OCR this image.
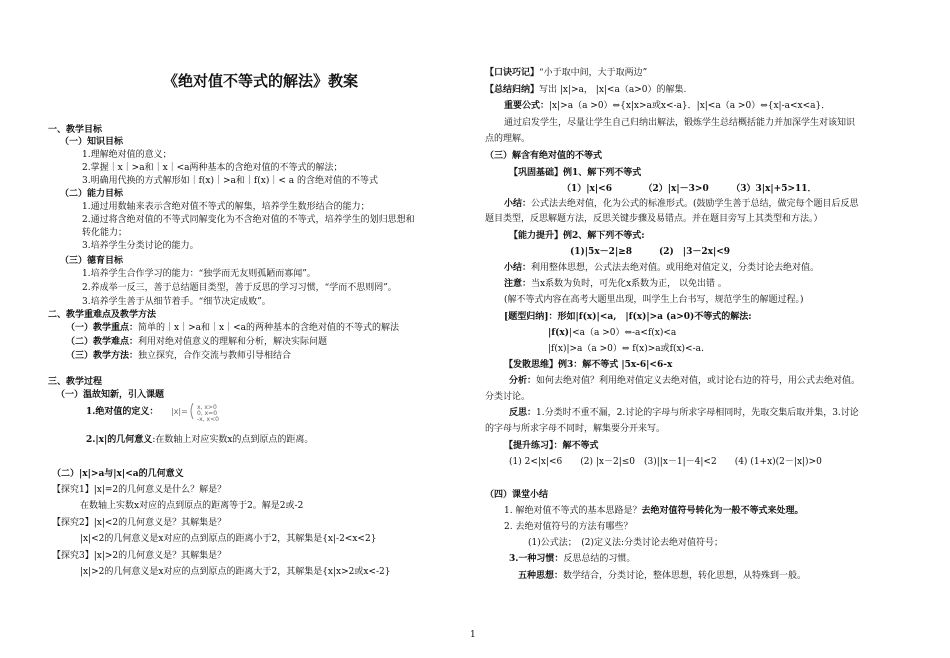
《绝对值不等式的解法》教案
一、教学目标
（一）知识目标
1.理解绝对值的意义；
2.掌握｜x｜>a和｜x｜<a两种基本的含绝对值的不等式的解法；
3.明确用代换的方式解形如｜f(x)｜>a和｜f(x)｜< a 的含绝对值的不等式
（二）能力目标
1.通过用数轴来表示含绝对值不等式的解集，培养学生数形结合的能力；
2.通过将含绝对值的不等式同解变化为不含绝对值的不等式，培养学生的划归思想和
转化能力；
3.培养学生分类讨论的能力。
（三）德育目标
1.培养学生合作学习的能力：“独学而无友则孤陋而寡闻”。
2.养成举一反三，善于总结题目类型，善于反思的学习习惯，“学而不思则罔”。
3.培养学生善于从细节着手。“细节决定成败”。
二、教学重难点及教学方法
（一）教学重点：简单的｜x｜>a和｜x｜<a的两种基本的含绝对值的不等式的解法
（二）教学难点：利用对绝对值意义的理解和分析，解决实际问题
（三）教学方法：独立探究，合作交流与教师引导相结合
三、教学过程
（一）温故知新，引入课题
1.绝对值的定义：
2.|x|的几何意义:在数轴上对应实数x的点到原点的距离。
（二）|x|>a与|x|<a的几何意义
【探究1】|x|=2的几何意义是什么？解是？
在数轴上实数x对应的点到原点的距离等于2。解是2或-2
【探究2】|x|<2的几何意义是？其解集是？
|x|<2的几何意义是x对应的点到原点的距离小于2，其解集是{x|-2<x<2}
【探究3】|x|>2的几何意义是？其解集是？
|x|>2的几何意义是x对应的点到原点的距离大于2，其解集是{x|x>2或x<-2}
【口诀巧记】“小于取中间，大于取两边”
【总结归纳】写出 |x|>a， |x|<a（a>0）的解集.
重要公式：|x|>a（a >0）⇔{x|x>a或x<-a}．|x|<a（a >0）⇔{x|-a<x<a}．
通过启发学生，尽量让学生自己归纳出解法，锻炼学生总结概括能力并加深学生对该知识
点的理解。
（三）解含有绝对值的不等式
【巩固基础】例1、解下列不等式
（1）|x|<6　　　　（2）|x|－3>0　　　（3）3|x|+5>11．
小结：公式法去绝对值，化为公式的标准形式。(鼓励学生善于总结，做完每个题目后反思
题目类型，反思解题方法，反思关键步骤及易错点。并在题目旁写上其类型和方法。）
【能力提升】例2、解下列不等式:
(1)|5x－2|≥8　　　(2)　|3－2x|<9
小结：利用整体思想，公式法去绝对值。或用绝对值定义，分类讨论去绝对值。
注意：当x系数为负时，可先化x系数为正， 以免出错 。
(解不等式内容在高考大题里出现，叫学生上台书写，规范学生的解题过程。)
[题型归纳]：形如|f(x)|<a,　|f(x)|>a (a>0)不等式的解法:
|f(x)|<a（a >0）⇔-a<f(x)<a
|f(x)|>a（a >0）⇔ f(x)>a或f(x)<-a.
【发散思维】例3：解不等式 |5x-6|<6-x
分析：如何去绝对值？利用绝对值定义去绝对值，或讨论右边的符号，用公式去绝对值。
分类讨论。
反思：1.分类时不重不漏，2.讨论的字母与所求字母相同时，先取交集后取并集，3.讨论
的字母与所求字母不同时，解集要分开来写。
【提升练习】：解不等式
(1) 2<|x|<6　　(2) |x－2|≤0　(3)||x－1|－4|<2　　(4) (1+x)(2－|x|)>0
（四）课堂小结
1. 解绝对值不等式的基本思路是？去绝对值符号转化为一般不等式来处理。
2. 去绝对值符号的方法有哪些？
(1)公式法；　(2)定义法:分类讨论去绝对值符号；
3.一种习惯：反思总结的习惯。
五种思想：数学结合，分类讨论，整体思想，转化思想，从特殊到一般。
|x|= x, x>0
0, x=0
-x, x<0
1
